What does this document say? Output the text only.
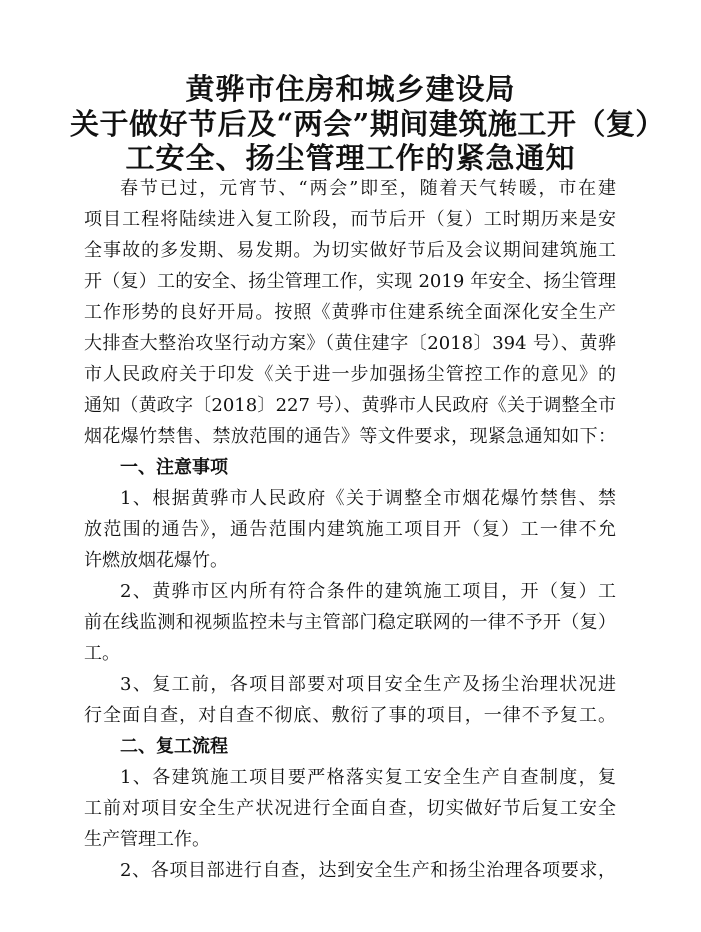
黄骅市住房和城乡建设局
关于做好节后及“两会”期间建筑施工开（复）
工安全、扬尘管理工作的紧急通知

春节已过，元宵节、“两会”即至，随着天气转暖，市在建

项目工程将陆续进入复工阶段，而节后开（复）工时期历来是安

全事故的多发期、易发期。为切实做好节后及会议期间建筑施工

开（复）工的安全、扬尘管理工作，实现 2019 年安全、扬尘管理

工作形势的良好开局。按照《黄骅市住建系统全面深化安全生产

大排查大整治攻坚行动方案》（黄住建字〔2018〕394 号）、黄骅

市人民政府关于印发《关于进一步加强扬尘管控工作的意见》的

通知（黄政字〔2018〕227 号）、黄骅市人民政府《关于调整全市

烟花爆竹禁售、禁放范围的通告》等文件要求，现紧急通知如下：

一、注意事项

1、根据黄骅市人民政府《关于调整全市烟花爆竹禁售、禁

放范围的通告》，通告范围内建筑施工项目开（复）工一律不允

许燃放烟花爆竹。

2、黄骅市区内所有符合条件的建筑施工项目，开（复）工

前在线监测和视频监控未与主管部门稳定联网的一律不予开（复）

工。

3、复工前，各项目部要对项目安全生产及扬尘治理状况进

行全面自查，对自查不彻底、敷衍了事的项目，一律不予复工。

二、复工流程

1、各建筑施工项目要严格落实复工安全生产自查制度，复

工前对项目安全生产状况进行全面自查，切实做好节后复工安全

生产管理工作。

2、各项目部进行自查，达到安全生产和扬尘治理各项要求，
